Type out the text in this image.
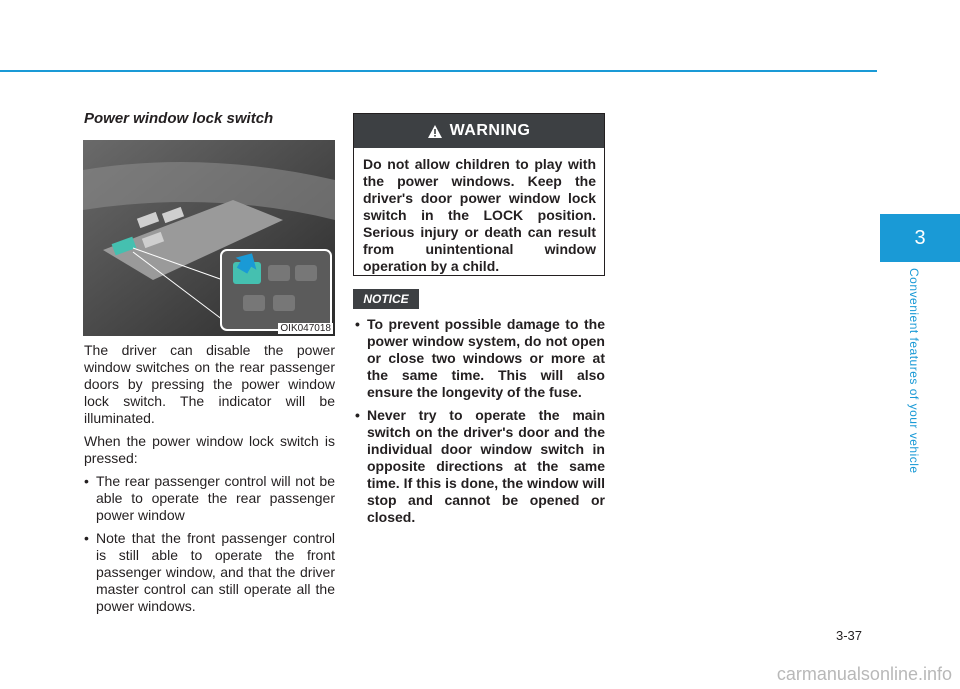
Power window lock switch
OIK047018

The driver can disable the power window switches on the rear passenger doors by pressing the power window lock switch. The indicator will be illuminated.

When the power window lock switch is pressed:

• The rear passenger control will not be able to operate the rear passenger power window
• Note that the front passenger control is still able to operate the front passenger window, and that the driver master control can still operate all the power windows.
WARNING
Do not allow children to play with the power windows. Keep the driver's door power window lock switch in the LOCK position. Serious injury or death can result from unintentional window operation by a child.
NOTICE
• To prevent possible damage to the power window system, do not open or close two windows or more at the same time. This will also ensure the longevity of the fuse.
• Never try to operate the main switch on the driver's door and the individual door window switch in opposite directions at the same time. If this is done, the window will stop and cannot be opened or closed.
3
Convenient features of your vehicle
3-37
carmanualsonline.info
